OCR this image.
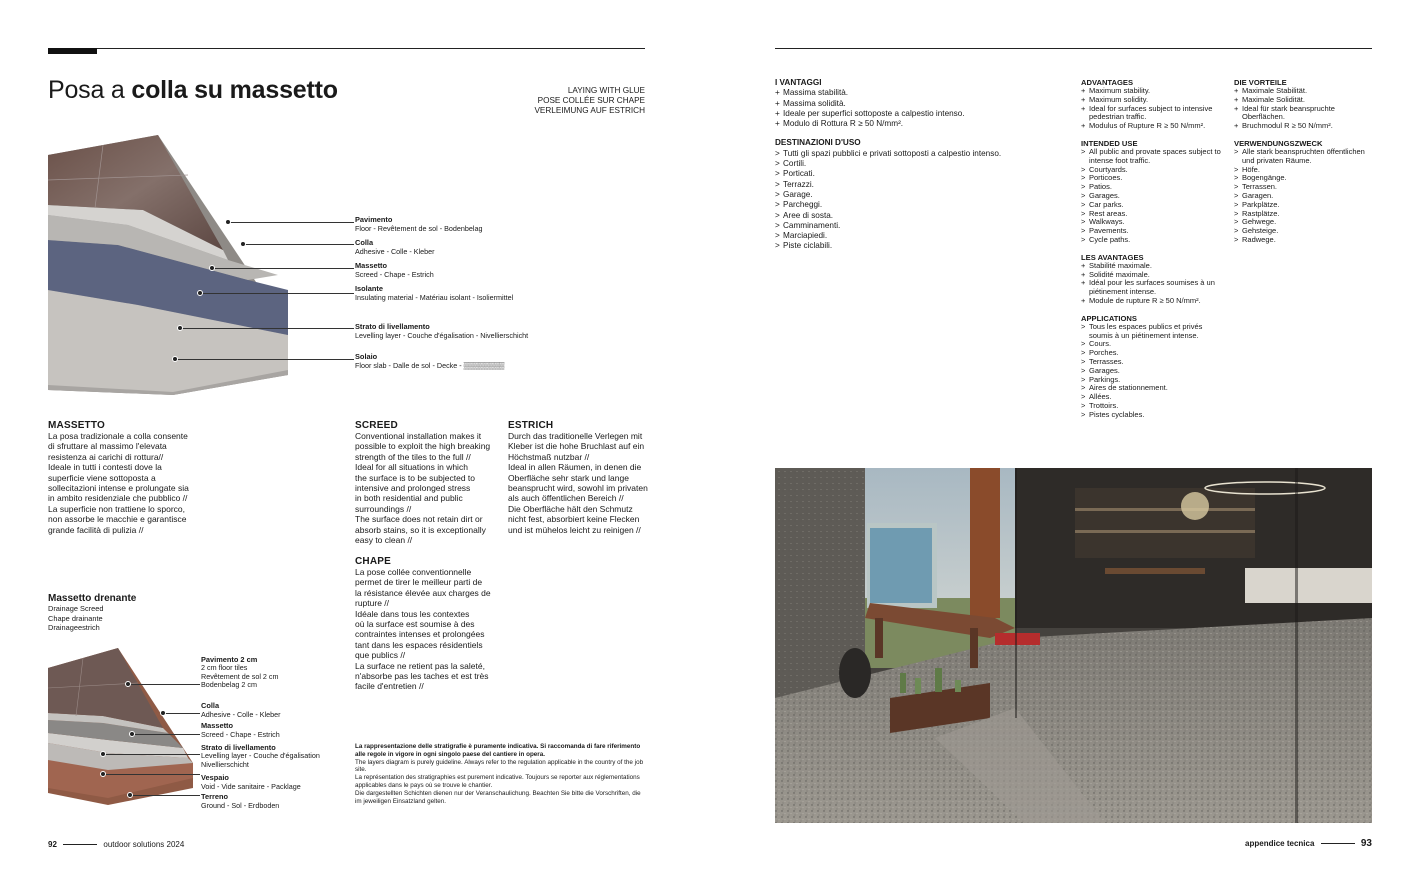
Posa a colla su massetto	LAYING WITH GLUE
POSE COLLÉE SUR CHAPE
VERLEIMUNG AUF ESTRICH

Pavimento
Floor - Revêtement de sol - Bodenbelag
Colla
Adhesive - Colle - Kleber
Massetto
Screed - Chape - Estrich
Isolante
Insulating material - Matériau isolant - Isoliermittel
Strato di livellamento
Levelling layer - Couche d'égalisation - Nivellierschicht
Solaio
Floor slab - Dalle de sol - Decke - ▒▒▒▒▒▒▒▒
MASSETTO
La posa tradizionale a colla consente
di sfruttare al massimo l'elevata
resistenza ai carichi di rottura//
Ideale in tutti i contesti dove la
superficie viene sottoposta a
sollecitazioni intense e prolungate sia
in ambito residenziale che pubblico //
La superficie non trattiene lo sporco,
non assorbe le macchie e garantisce
grande facilità di pulizia //
SCREED
Conventional installation makes it
possible to exploit the high breaking
strength of the tiles to the full //
Ideal for all situations in which
the surface is to be subjected to
intensive and prolonged stress
in both residential and public
surroundings //
The surface does not retain dirt or
absorb stains, so it is exceptionally
easy to clean //
ESTRICH
Durch das traditionelle Verlegen mit
Kleber ist die hohe Bruchlast auf ein
Höchstmaß nutzbar //
Ideal in allen Räumen, in denen die
Oberfläche sehr stark und lange
beansprucht wird, sowohl im privaten
als auch öffentlichen Bereich //
Die Oberfläche hält den Schmutz
nicht fest, absorbiert keine Flecken
und ist mühelos leicht zu reinigen //
CHAPE
La pose collée conventionnelle
permet de tirer le meilleur parti de
la résistance élevée aux charges de
rupture //
Idéale dans tous les contextes
où la surface est soumise à des
contraintes intenses et prolongées
tant dans les espaces résidentiels
que publics //
La surface ne retient pas la saleté,
n'absorbe pas les taches et est très
facile d'entretien //
Massetto drenante
Drainage Screed
Chape drainante
Drainageestrich
Pavimento 2 cm
2 cm floor tiles
Revêtement de sol 2 cm
Bodenbelag 2 cm
Colla
Adhesive - Colle - Kleber
Massetto
Screed - Chape - Estrich
Strato di livellamento
Levelling layer - Couche d'égalisation
Nivellierschicht
Vespaio
Void - Vide sanitaire - Packlage
Terreno
Ground - Sol - Erdboden
La rappresentazione delle stratigrafie è puramente indicativa. Si raccomanda di fare riferimento alle regole in vigore in ogni singolo paese del cantiere in opera.
The layers diagram is purely guideline. Always refer to the regulation applicable in the country of the job site.
La représentation des stratigraphies est purement indicative. Toujours se reporter aux réglementations applicables dans le pays où se trouve le chantier.
Die dargestellten Schichten dienen nur der Veranschaulichung. Beachten Sie bitte die Vorschriften, die im jeweiligen Einsatzland gelten.
92	outdoor solutions 2024
I VANTAGGI
+ Massima stabilità.
+ Massima solidità.
+ Ideale per superfici sottoposte a calpestio intenso.
+ Modulo di Rottura R ≥ 50 N/mm².
DESTINAZIONI D'USO
> Tutti gli spazi pubblici e privati sottoposti a calpestio intenso.
> Cortili.
> Porticati.
> Terrazzi.
> Garage.
> Parcheggi.
> Aree di sosta.
> Camminamenti.
> Marciapiedi.
> Piste ciclabili.
ADVANTAGES
+ Maximum stability.
+ Maximum solidity.
+ Ideal for surfaces subject to intensive pedestrian traffic.
+ Modulus of Rupture R ≥ 50 N/mm².
INTENDED USE
> All public and provate spaces subject to intense foot traffic.
> Courtyards.
> Porticoes.
> Patios.
> Garages.
> Car parks.
> Rest areas.
> Walkways.
> Pavements.
> Cycle paths.
LES AVANTAGES
+ Stabilité maximale.
+ Solidité maximale.
+ Idéal pour les surfaces soumises à un piétinement intense.
+ Module de rupture R ≥ 50 N/mm².
APPLICATIONS
> Tous les espaces publics et privés soumis à un piétinement intense.
> Cours.
> Porches.
> Terrasses.
> Garages.
> Parkings.
> Aires de stationnement.
> Allées.
> Trottoirs.
> Pistes cyclables.
DIE VORTEILE
+ Maximale Stabilität.
+ Maximale Solidität.
+ Ideal für stark beanspruchte Oberflächen.
+ Bruchmodul R ≥ 50 N/mm².
VERWENDUNGSZWECK
> Alle stark beanspruchten öffentlichen und privaten Räume.
> Höfe.
> Bogengänge.
> Terrassen.
> Garagen.
> Parkplätze.
> Rastplätze.
> Gehwege.
> Gehsteige.
> Radwege.
appendice tecnica	93
